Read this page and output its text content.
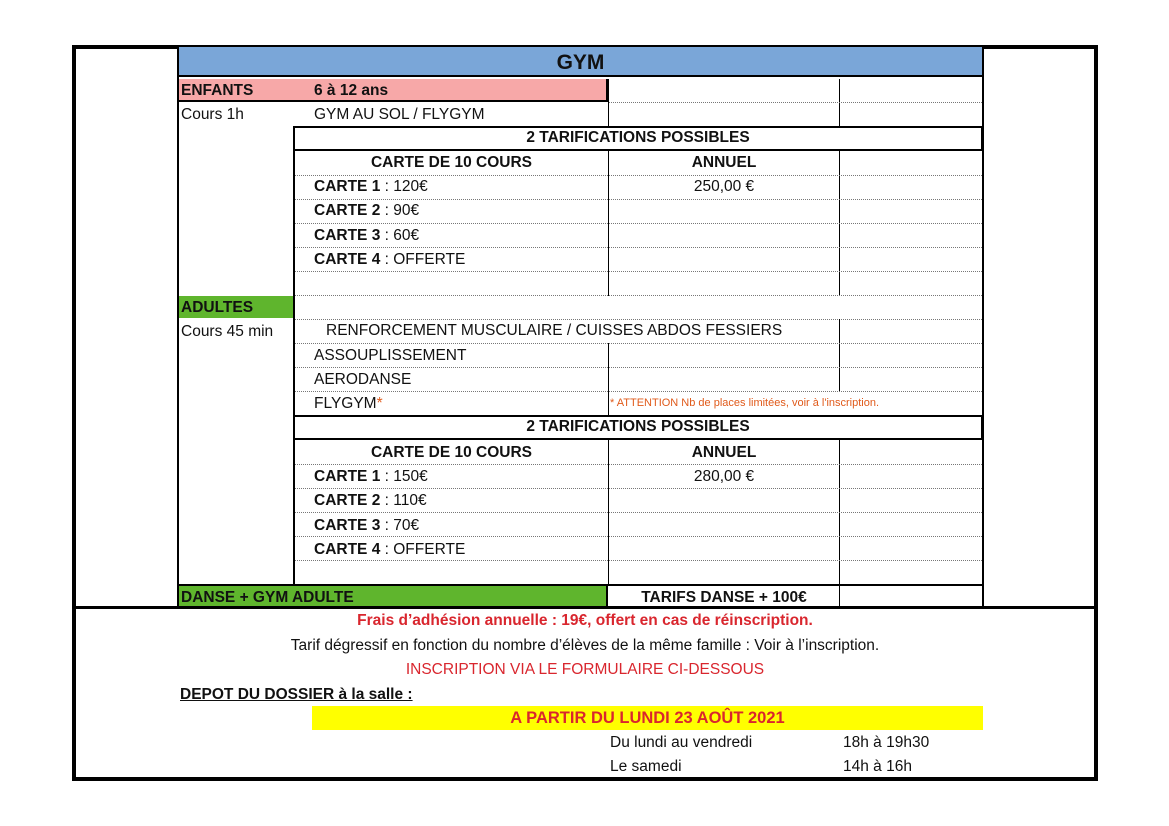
GYM
ENFANTS	6 à 12 ans
Cours 1h	GYM AU SOL / FLYGYM
2 TARIFICATIONS POSSIBLES
CARTE DE 10 COURS	ANNUEL
CARTE 1 : 120€	250,00 €
CARTE 2 : 90€
CARTE 3 : 60€
CARTE 4 : OFFERTE
ADULTES
Cours 45 min	RENFORCEMENT MUSCULAIRE / CUISSES ABDOS FESSIERS
ASSOUPLISSEMENT
AERODANSE
FLYGYM*	* ATTENTION Nb de places limitées, voir à l'inscription.
2 TARIFICATIONS POSSIBLES
CARTE DE 10 COURS	ANNUEL
CARTE 1 : 150€	280,00 €
CARTE 2 : 110€
CARTE 3 : 70€
CARTE 4 : OFFERTE
DANSE + GYM ADULTE	TARIFS DANSE + 100€
Frais d’adhésion annuelle : 19€, offert en cas de réinscription.
Tarif dégressif en fonction du nombre d’élèves de la même famille : Voir à l’inscription.
INSCRIPTION VIA LE FORMULAIRE CI-DESSOUS
DEPOT DU DOSSIER à la salle :
A PARTIR DU LUNDI 23 AOÛT 2021
Du lundi au vendredi	18h à 19h30
Le samedi	14h à 16h
